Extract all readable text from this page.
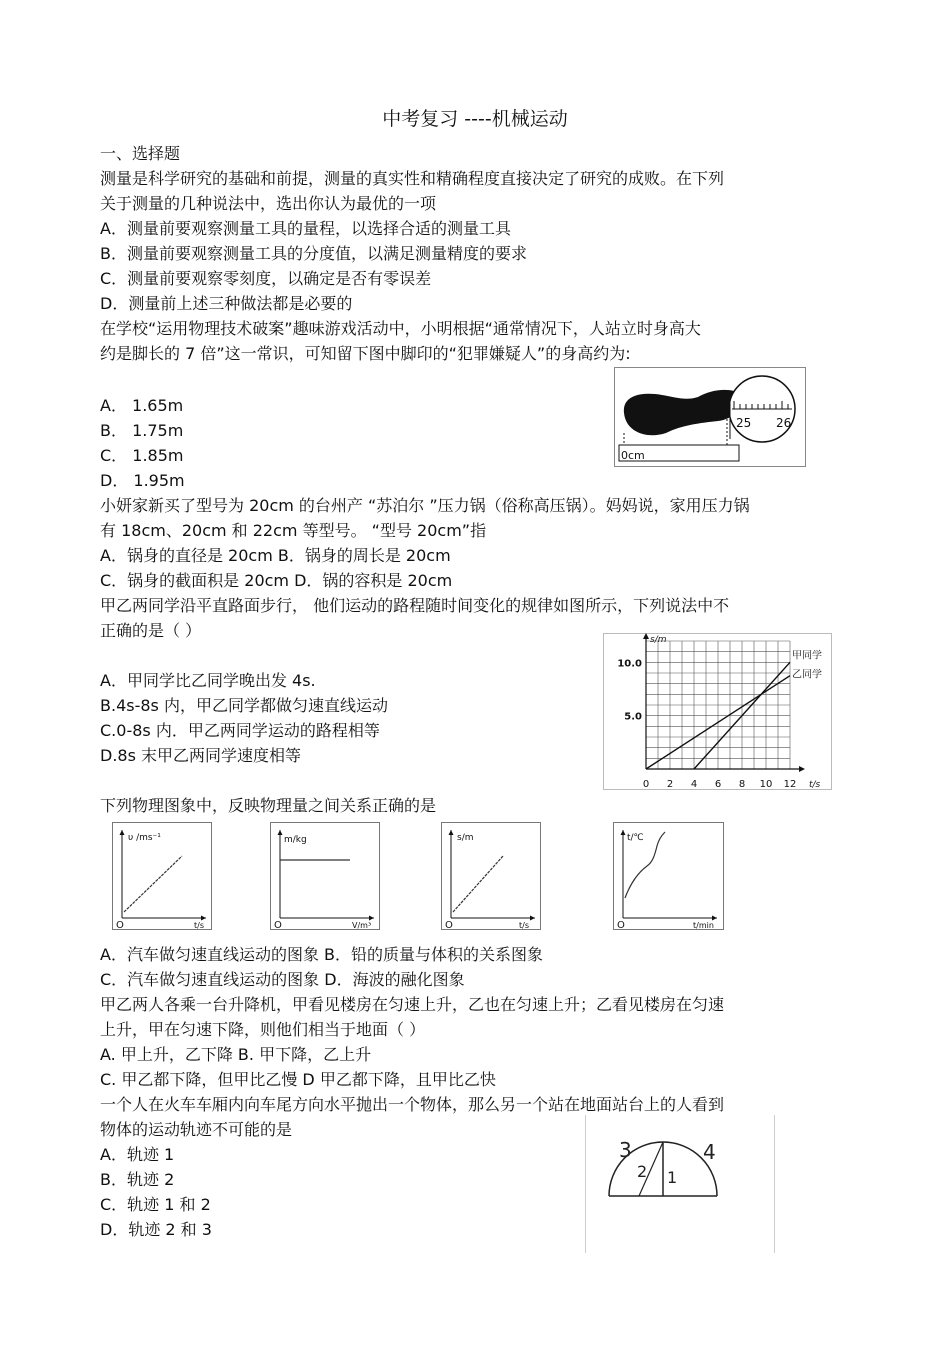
中考复习 ----机械运动
一、选择题
测量是科学研究的基础和前提，测量的真实性和精确程度直接决定了研究的成败。在下列
关于测量的几种说法中，选出你认为最优的一项
A．测量前要观察测量工具的量程，以选择合适的测量工具
B．测量前要观察测量工具的分度值，以满足测量精度的要求
C．测量前要观察零刻度，以确定是否有零误差
D．测量前上述三种做法都是必要的
在学校“运用物理技术破案”趣味游戏活动中，小明根据“通常情况下，人站立时身高大
约是脚长的 7 倍”这一常识，可知留下图中脚印的“犯罪嫌疑人”的身高约为:
A． 1.65m
B． 1.75m
C． 1.85m
D． 1.95m
0cm
25 26
小妍家新买了型号为 20cm 的台州产 “苏泊尔 ”压力锅（俗称高压锅）。妈妈说，家用压力锅
有 18cm、20cm 和 22cm 等型号。 “型号 20cm”指
A．锅身的直径是 20cm B．锅身的周长是 20cm
C．锅身的截面积是 20cm D．锅的容积是 20cm
甲乙两同学沿平直路面步行， 他们运动的路程随时间变化的规律如图所示，下列说法中不
正确的是（ ）
A．甲同学比乙同学晚出发 4s.
B.4s-8s 内，甲乙同学都做匀速直线运动
C.0-8s 内．甲乙两同学运动的路程相等
D.8s 末甲乙两同学速度相等
0 2 4 6 8 10 12
5.0
10.0
t/s
s/m
甲同学
乙同学
下列物理图象中，反映物理量之间关系正确的是
υ /ms⁻¹
t/s
O
m/kg
V/m³
O
s/m
t/s
O
t/℃
t/min
O
A．汽车做匀速直线运动的图象 B．铅的质量与体积的关系图象
C．汽车做匀速直线运动的图象 D．海波的融化图象
甲乙两人各乘一台升降机，甲看见楼房在匀速上升，乙也在匀速上升；乙看见楼房在匀速
上升，甲在匀速下降，则他们相当于地面（ ）
A. 甲上升，乙下降 B. 甲下降，乙上升
C. 甲乙都下降，但甲比乙慢 D 甲乙都下降，且甲比乙快
一个人在火车车厢内向车尾方向水平抛出一个物体，那么另一个站在地面站台上的人看到
物体的运动轨迹不可能的是
A．轨迹 1
B．轨迹 2
C．轨迹 1 和 2
D．轨迹 2 和 3
3
2 1
4
